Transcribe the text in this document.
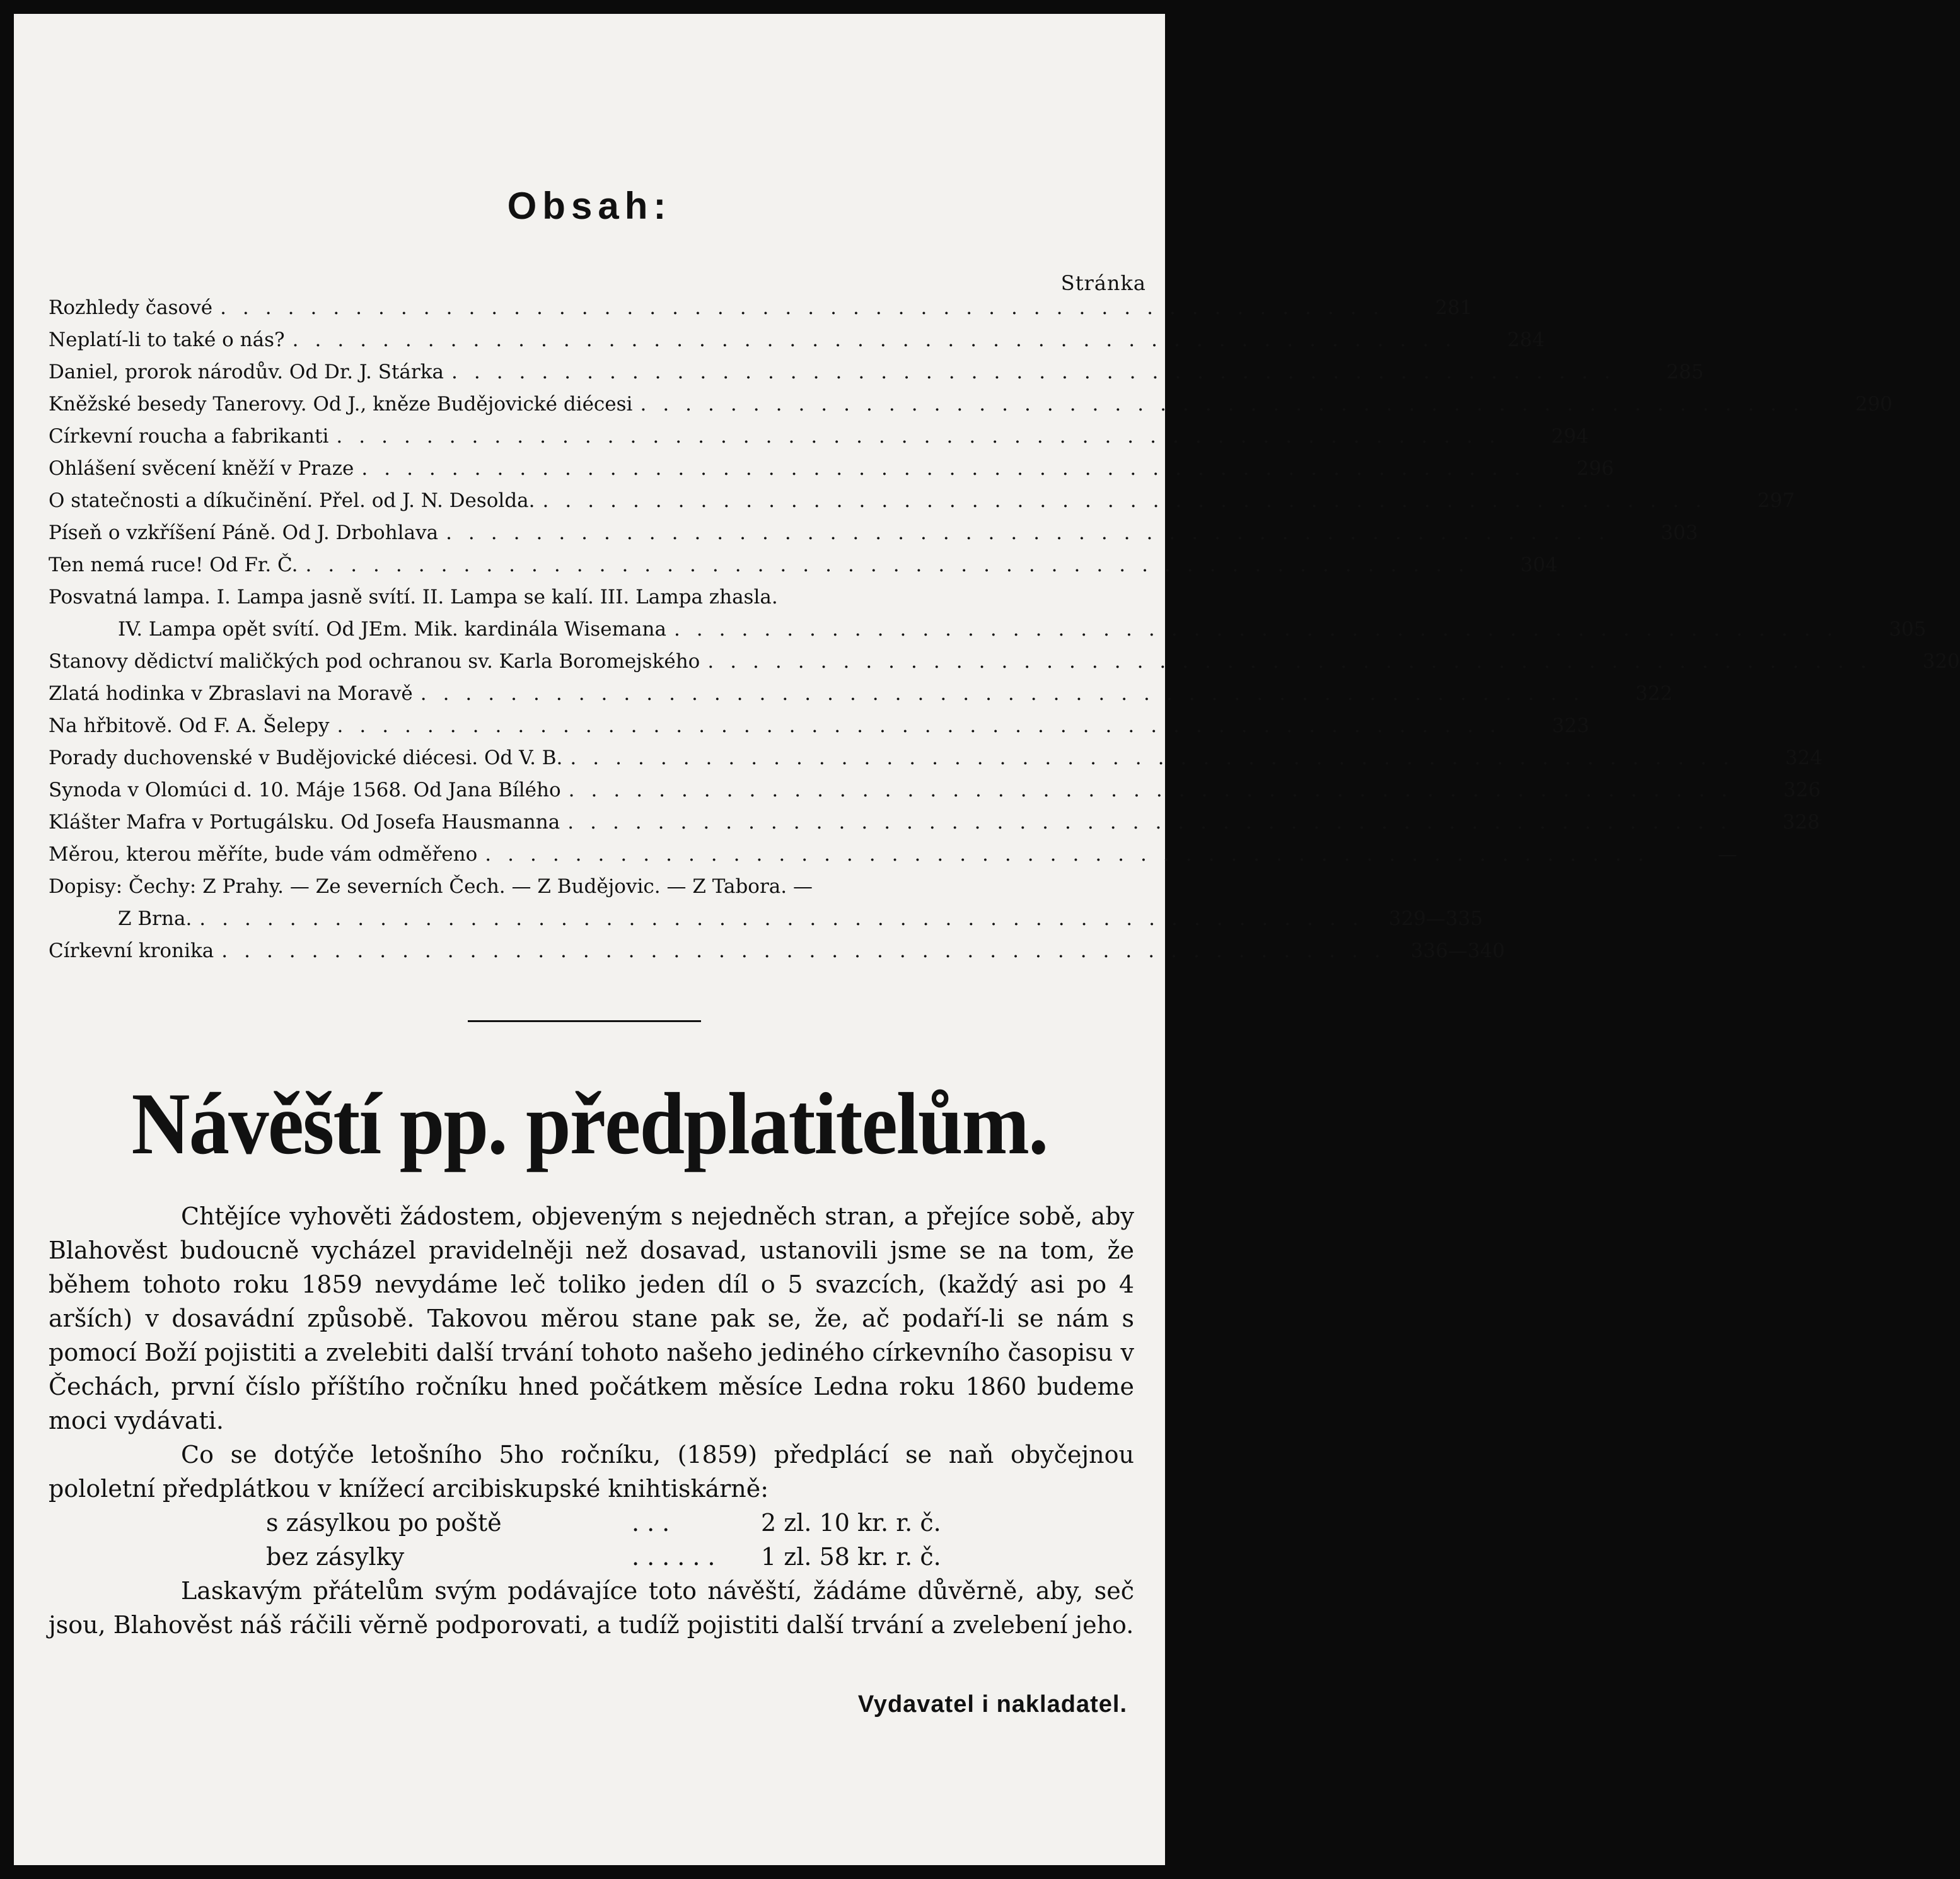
Obsah:
Stránka
Rozhledy časové ....................................................	281
Neplatí-li to také o nás? ....................................................	284
Daniel, prorok národův. Od Dr. J. Stárka ....................................................	285
Kněžské besedy Tanerovy. Od J., kněze Budějovické diécesi ....................................................	290
Církevní roucha a fabrikanti ....................................................	294
Ohlášení svěcení kněží v Praze ....................................................	296
O statečnosti a díkučinění. Přel. od J. N. Desolda. ....................................................	297
Píseň o vzkříšení Páně. Od J. Drbohlava ....................................................	303
Ten nemá ruce! Od Fr. Č. ....................................................	304
Posvatná lampa. I. Lampa jasně svítí. II. Lampa se kalí. III. Lampa zhasla.
IV. Lampa opět svítí. Od JEm. Mik. kardinála Wisemana ....................................................	305
Stanovy dědictví maličkých pod ochranou sv. Karla Boromejského ....................................................	320
Zlatá hodinka v Zbraslavi na Moravě ....................................................	322
Na hřbitově. Od F. A. Šelepy ....................................................	323
Porady duchovenské v Budějovické diécesi. Od V. B. ....................................................	324
Synoda v Olomúci d. 10. Máje 1568. Od Jana Bílého ....................................................	326
Klášter Mafra v Portugálsku. Od Josefa Hausmanna ....................................................	328
Měrou, kterou měříte, bude vám odměřeno ....................................................	—
Dopisy: Čechy: Z Prahy. — Ze severních Čech. — Z Budějovic. — Z Tabora. —
Z Brna. .................................................... 329—335
Církevní kronika .................................................... 336—340
Návěští pp. předplatitelům.

Chtějíce vyhověti žádostem, objeveným s nejedněch stran, a přejíce sobě, aby Blahověst budoucně vycházel pravidelněji než dosavad, ustanovili jsme se na tom, že během tohoto roku 1859 nevydáme leč toliko jeden díl o 5 svazcích, (každý asi po 4 arších) v dosavádní způsobě. Takovou měrou stane pak se, že, ač podaří-li se nám s pomocí Boží pojistiti a zvelebiti další trvání tohoto našeho jediného církevního časopisu v Čechách, první číslo příštího ročníku hned počátkem měsíce Ledna roku 1860 budeme moci vydávati.

Co se dotýče letošního 5ho ročníku, (1859) předplácí se naň obyčejnou pololetní předplátkou v knížecí arcibiskupské knihtiskárně:

s zásylkou po poště	...	2 zl. 10 kr. r. č.
bez zásylky	......	1 zl. 58 kr. r. č.

Laskavým přátelům svým podávajíce toto návěští, žádáme důvěrně, aby, seč jsou, Blahověst náš ráčili věrně podporovati, a tudíž pojistiti další trvání a zvelebení jeho.

Vydavatel i nakladatel.
